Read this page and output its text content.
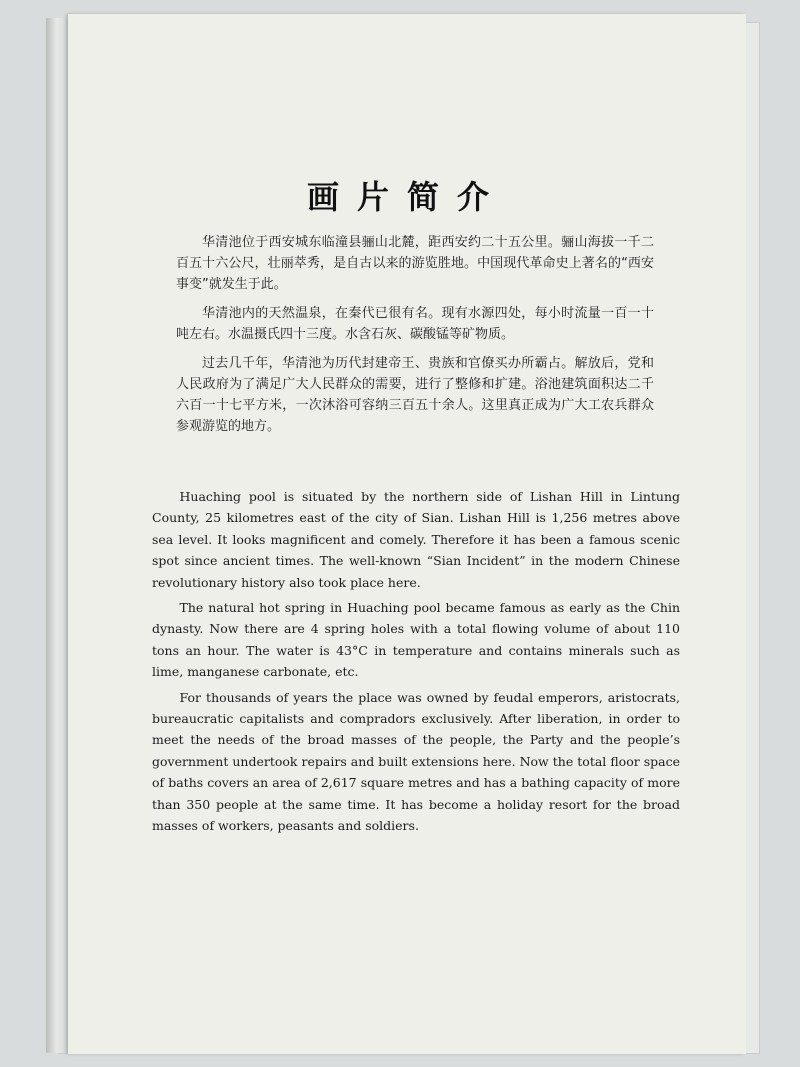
画片简介

华清池位于西安城东临潼县骊山北麓，距西安约二十五公里。骊山海拔一千二百五十六公尺，壮丽萃秀，是自古以来的游览胜地。中国现代革命史上著名的“西安事变”就发生于此。

华清池内的天然温泉，在秦代已很有名。现有水源四处，每小时流量一百一十吨左右。水温摄氏四十三度。水含石灰、碳酸锰等矿物质。

过去几千年，华清池为历代封建帝王、贵族和官僚买办所霸占。解放后，党和人民政府为了满足广大人民群众的需要，进行了整修和扩建。浴池建筑面积达二千六百一十七平方米，一次沐浴可容纳三百五十余人。这里真正成为广大工农兵群众参观游览的地方。

Huaching pool is situated by the northern side of Lishan Hill in Lintung County, 25 kilometres east of the city of Sian. Lishan Hill is 1,256 metres above sea level. It looks magnificent and comely. Therefore it has been a famous scenic spot since ancient times. The well-known “Sian Incident” in the modern Chinese revolutionary history also took place here.

The natural hot spring in Huaching pool became famous as early as the Chin dynasty. Now there are 4 spring holes with a total flowing volume of about 110 tons an hour. The water is 43°C in temperature and contains minerals such as lime, manganese carbonate, etc.

For thousands of years the place was owned by feudal emperors, aristocrats, bureaucratic capitalists and compradors exclusively. After liberation, in order to meet the needs of the broad masses of the people, the Party and the people’s government undertook repairs and built extensions here. Now the total floor space of baths covers an area of 2,617 square metres and has a bathing capacity of more than 350 people at the same time. It has become a holiday resort for the broad masses of workers, peasants and soldiers.
